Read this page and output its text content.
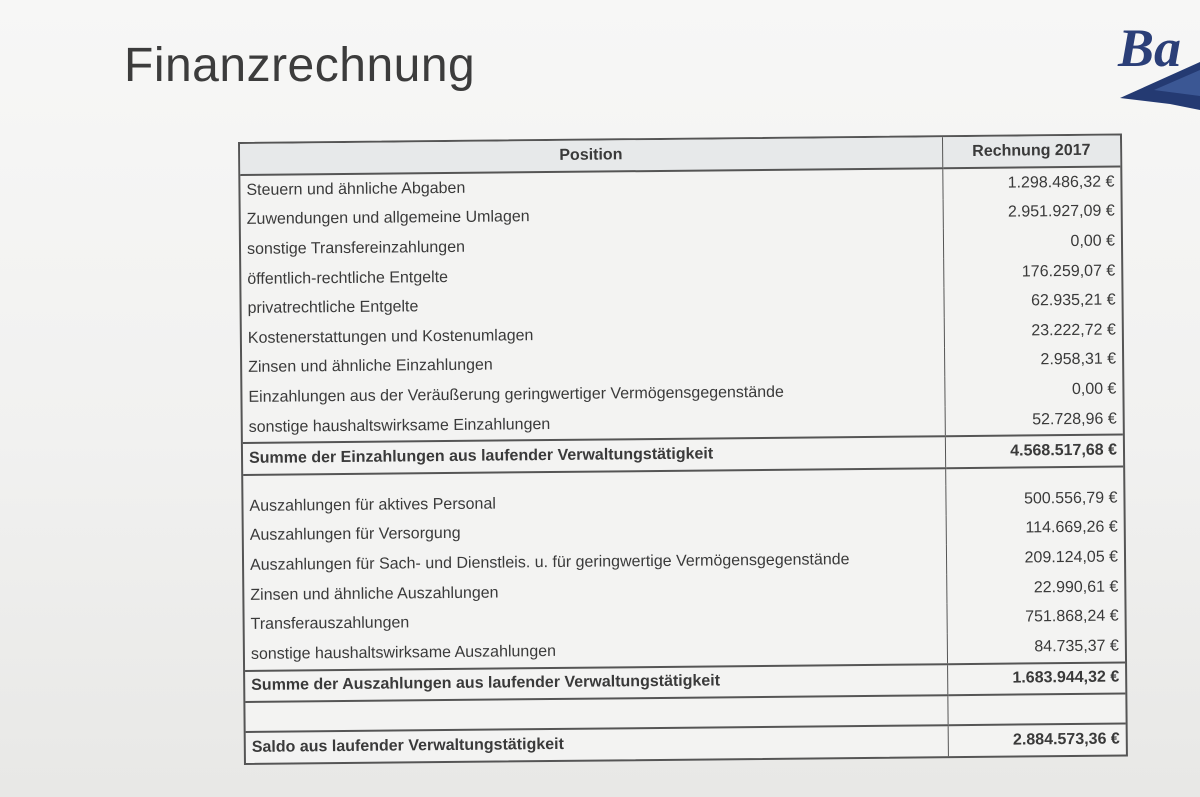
Finanzrechnung	Ba
Position	Rechnung 2017
Steuern und ähnliche Abgaben	1.298.486,32 €
Zuwendungen und allgemeine Umlagen	2.951.927,09 €
sonstige Transfereinzahlungen	0,00 €
öffentlich-rechtliche Entgelte	176.259,07 €
privatrechtliche Entgelte	62.935,21 €
Kostenerstattungen und Kostenumlagen	23.222,72 €
Zinsen und ähnliche Einzahlungen	2.958,31 €
Einzahlungen aus der Veräußerung geringwertiger Vermögensgegenstände	0,00 €
sonstige haushaltswirksame Einzahlungen	52.728,96 €
Summe der Einzahlungen aus laufender Verwaltungstätigkeit	4.568.517,68 €

Auszahlungen für aktives Personal	500.556,79 €
Auszahlungen für Versorgung	114.669,26 €
Auszahlungen für Sach- und Dienstleis. u. für geringwertige Vermögensgegenstände	209.124,05 €
Zinsen und ähnliche Auszahlungen	22.990,61 €
Transferauszahlungen	751.868,24 €
sonstige haushaltswirksame Auszahlungen	84.735,37 €
Summe der Auszahlungen aus laufender Verwaltungstätigkeit	1.683.944,32 €

Saldo aus laufender Verwaltungstätigkeit	2.884.573,36 €
